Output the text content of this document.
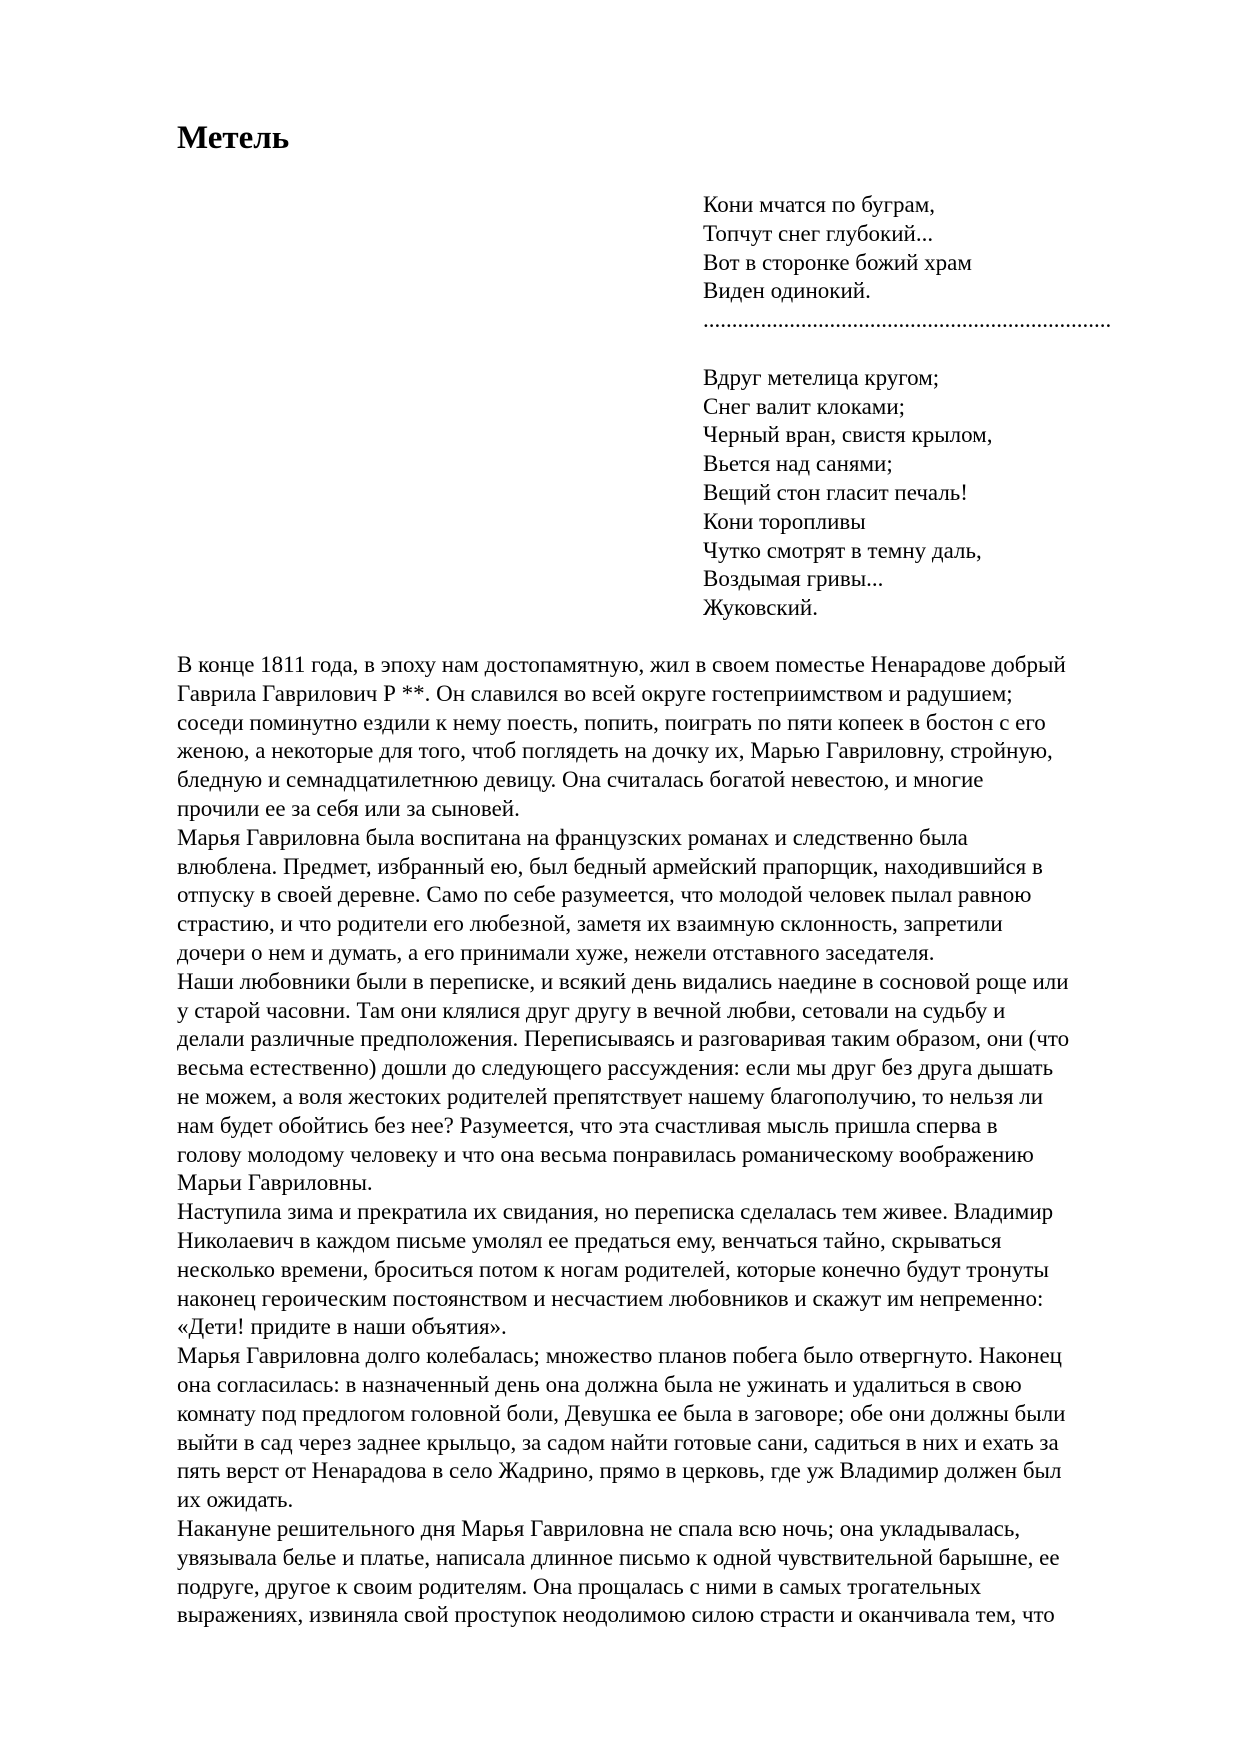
Метель
Кони мчатся по буграм,
Топчут снег глубокий...
Вот в сторонке божий храм
Виден одинокий.
.......................................................................
Вдруг метелица кругом;
Снег валит клоками;
Черный вран, свистя крылом,
Вьется над санями;
Вещий стон гласит печаль!
Кони торопливы
Чутко смотрят в темну даль,
Воздымая гривы...
Жуковский.
В конце 1811 года, в эпоху нам достопамятную, жил в своем поместье Ненарадове добрый
Гаврила Гаврилович Р **. Он славился во всей округе гостеприимством и радушием;
соседи поминутно ездили к нему поесть, попить, поиграть по пяти копеек в бостон с его
женою, а некоторые для того, чтоб поглядеть на дочку их, Марью Гавриловну, стройную,
бледную и семнадцатилетнюю девицу. Она считалась богатой невестою, и многие
прочили ее за себя или за сыновей.
Марья Гавриловна была воспитана на французских романах и следственно была
влюблена. Предмет, избранный ею, был бедный армейский прапорщик, находившийся в
отпуску в своей деревне. Само по себе разумеется, что молодой человек пылал равною
страстию, и что родители его любезной, заметя их взаимную склонность, запретили
дочери о нем и думать, а его принимали хуже, нежели отставного заседателя.
Наши любовники были в переписке, и всякий день видались наедине в сосновой роще или
у старой часовни. Там они клялися друг другу в вечной любви, сетовали на судьбу и
делали различные предположения. Переписываясь и разговаривая таким образом, они (что
весьма естественно) дошли до следующего рассуждения: если мы друг без друга дышать
не можем, а воля жестоких родителей препятствует нашему благополучию, то нельзя ли
нам будет обойтись без нее? Разумеется, что эта счастливая мысль пришла сперва в
голову молодому человеку и что она весьма понравилась романическому воображению
Марьи Гавриловны.
Наступила зима и прекратила их свидания, но переписка сделалась тем живее. Владимир
Николаевич в каждом письме умолял ее предаться ему, венчаться тайно, скрываться
несколько времени, броситься потом к ногам родителей, которые конечно будут тронуты
наконец героическим постоянством и несчастием любовников и скажут им непременно:
«Дети! придите в наши объятия».
Марья Гавриловна долго колебалась; множество планов побега было отвергнуто. Наконец
она согласилась: в назначенный день она должна была не ужинать и удалиться в свою
комнату под предлогом головной боли, Девушка ее была в заговоре; обе они должны были
выйти в сад через заднее крыльцо, за садом найти готовые сани, садиться в них и ехать за
пять верст от Ненарадова в село Жадрино, прямо в церковь, где уж Владимир должен был
их ожидать.
Накануне решительного дня Марья Гавриловна не спала всю ночь; она укладывалась,
увязывала белье и платье, написала длинное письмо к одной чувствительной барышне, ее
подруге, другое к своим родителям. Она прощалась с ними в самых трогательных
выражениях, извиняла свой проступок неодолимою силою страсти и оканчивала тем, что
